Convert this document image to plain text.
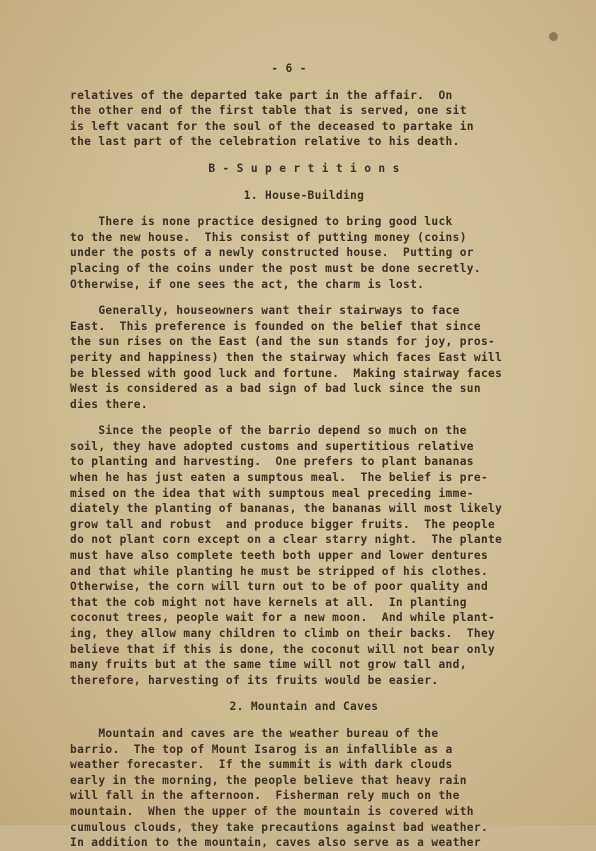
- 6 -
relatives of the departed take part in the affair.  On
the other end of the first table that is served, one sit
is left vacant for the soul of the deceased to partake in
the last part of the celebration relative to his death.
B - S u p e r t i t i o n s
1. House-Building
There is none practice designed to bring good luck
to the new house.  This consist of putting money (coins)
under the posts of a newly constructed house.  Putting or
placing of the coins under the post must be done secretly.
Otherwise, if one sees the act, the charm is lost.
Generally, houseowners want their stairways to face
East.  This preference is founded on the belief that since
the sun rises on the East (and the sun stands for joy, pros-
perity and happiness) then the stairway which faces East will
be blessed with good luck and fortune.  Making stairway faces
West is considered as a bad sign of bad luck since the sun
dies there.
Since the people of the barrio depend so much on the
soil, they have adopted customs and supertitious relative
to planting and harvesting.  One prefers to plant bananas
when he has just eaten a sumptous meal.  The belief is pre-
mised on the idea that with sumptous meal preceding imme-
diately the planting of bananas, the bananas will most likely
grow tall and robust  and produce bigger fruits.  The people
do not plant corn except on a clear starry night.  The plante
must have also complete teeth both upper and lower dentures
and that while planting he must be stripped of his clothes.
Otherwise, the corn will turn out to be of poor quality and
that the cob might not have kernels at all.  In planting
coconut trees, people wait for a new moon.  And while plant-
ing, they allow many children to climb on their backs.  They
believe that if this is done, the coconut will not bear only
many fruits but at the same time will not grow tall and,
therefore, harvesting of its fruits would be easier.
2. Mountain and Caves
Mountain and caves are the weather bureau of the
barrio.  The top of Mount Isarog is an infallible as a
weather forecaster.  If the summit is with dark clouds
early in the morning, the people believe that heavy rain
will fall in the afternoon.  Fisherman rely much on the
mountain.  When the upper of the mountain is covered with
cumulous clouds, they take precautions against bad weather.
In addition to the mountain, caves also serve as a weather
